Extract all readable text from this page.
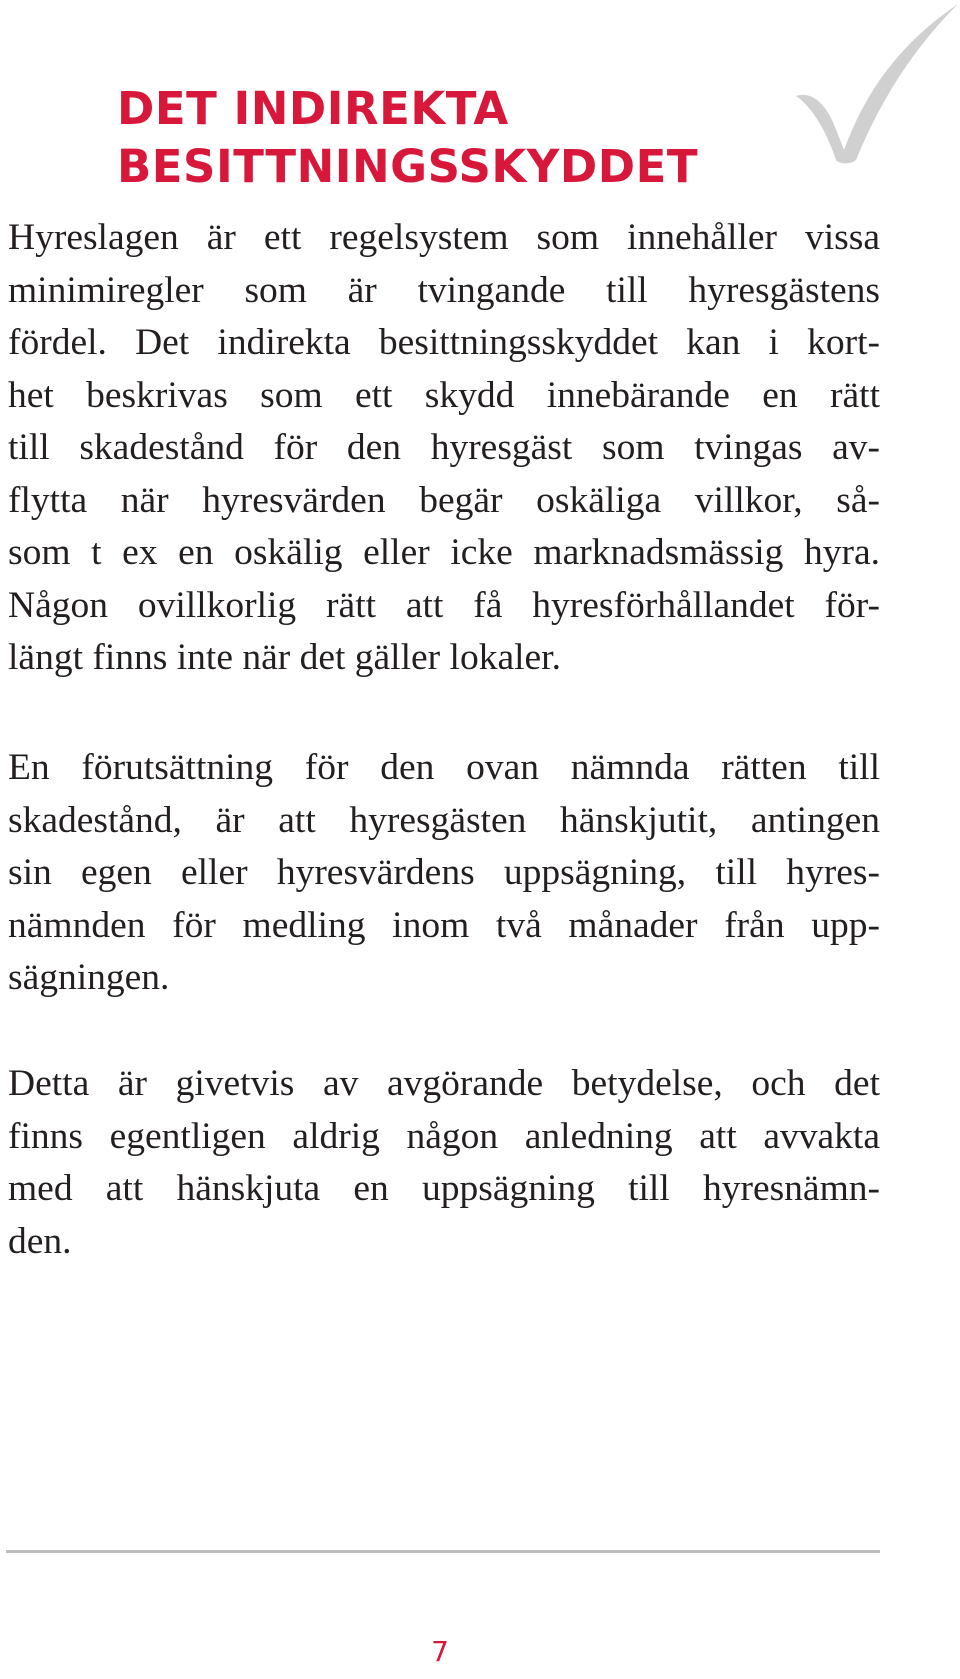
DET INDIREKTA
BESITTNINGSSKYDDET

Hyreslagen är ett regelsystem som innehåller vissa
minimiregler som är tvingande till hyresgästens
fördel. Det indirekta besittningsskyddet kan i kort-
het beskrivas som ett skydd innebärande en rätt
till skadestånd för den hyresgäst som tvingas av-
flytta när hyresvärden begär oskäliga villkor, så-
som t ex en oskälig eller icke marknadsmässig hyra.
Någon ovillkorlig rätt att få hyresförhållandet för-
längt finns inte när det gäller lokaler.

En förutsättning för den ovan nämnda rätten till
skadestånd, är att hyresgästen hänskjutit, antingen
sin egen eller hyresvärdens uppsägning, till hyres-
nämnden för medling inom två månader från upp-
sägningen.

Detta är givetvis av avgörande betydelse, och det
finns egentligen aldrig någon anledning att avvakta
med att hänskjuta en uppsägning till hyresnämn-
den.

7
